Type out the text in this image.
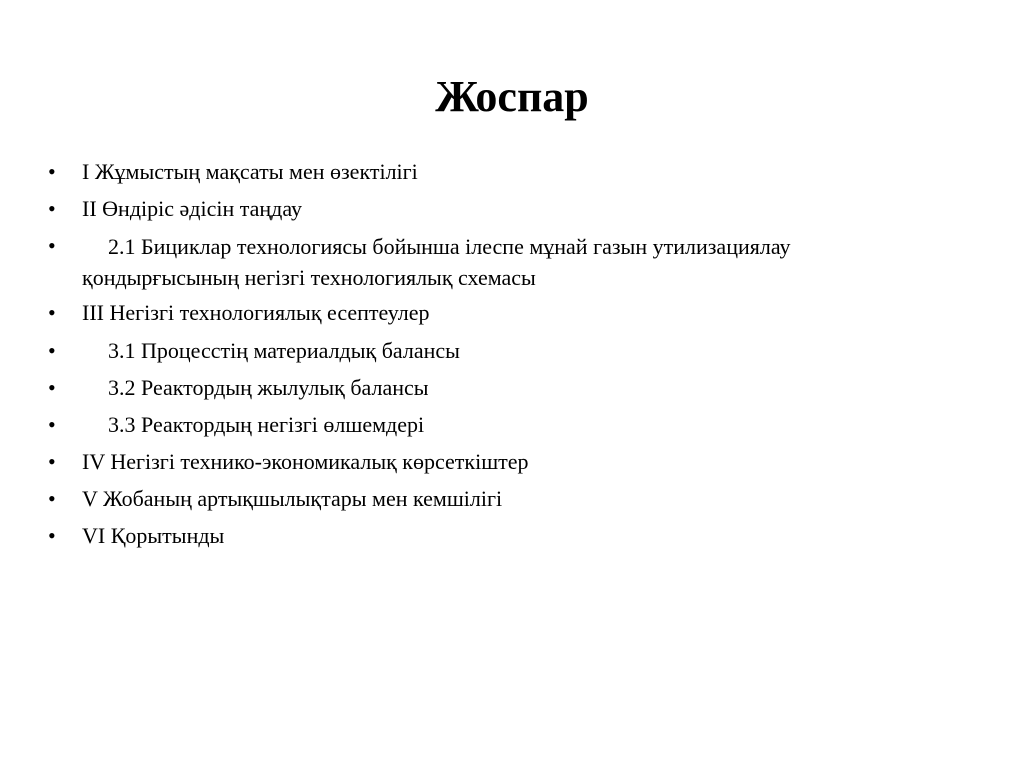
Жоспар
•	I Жұмыстың мақсаты мен өзектілігі
•	II Өндіріс әдісін таңдау
•	2.1 Бициклар технологиясы бойынша ілеспе мұнай газын утилизациялау қондырғысының негізгі технологиялық схемасы
•	III Негізгі технологиялық есептеулер
•	3.1 Процесстің материалдық балансы
•	3.2 Реактордың жылулық балансы
•	3.3 Реактордың негізгі өлшемдері
•	IV Негізгі технико-экономикалық көрсеткіштер
•	V Жобаның артықшылықтары мен кемшілігі
•	VI Қорытынды
